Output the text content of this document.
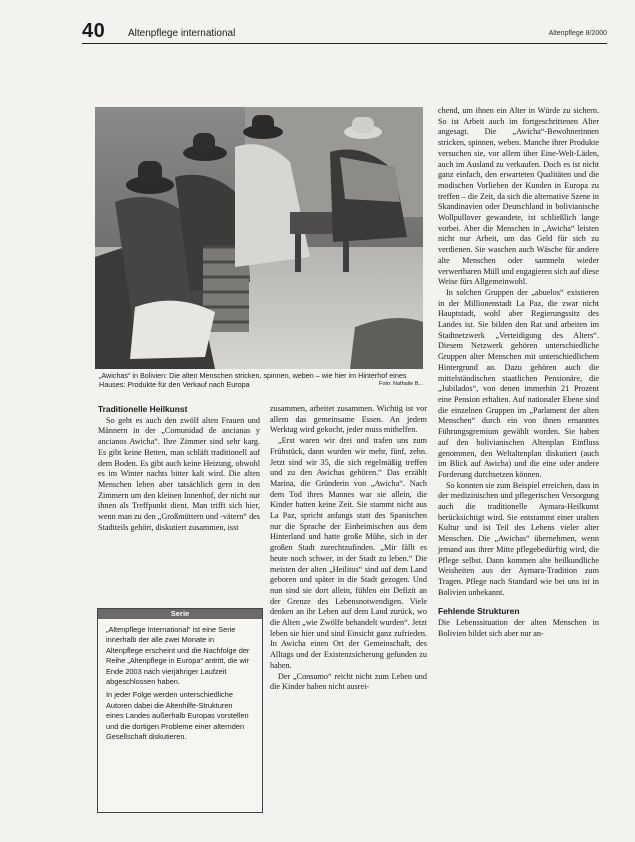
40 Altenpflege international	Altenpflege 8/2000
„Awichas“ in Bolivien: Die alten Menschen stricken, spinnen, weben – wie hier im Hinterhof eines Hauses: Produkte für den Verkauf nach Europa	Foto: Nathalie B...
Traditionelle Heilkunst

So geht es auch den zwölf alten Frauen und Männern in der „Comunidad de ancianas y ancianos Awicha“. Ihre Zimmer sind sehr karg. Es gibt keine Betten, man schläft traditionell auf dem Boden. Es gibt auch keine Heizung, obwohl es im Winter nachts bitter kalt wird. Die alten Menschen leben aber tatsächlich gern in den Zimmern um den kleinen Innenhof, der nicht nur ihnen als Treffpunkt dient. Man trifft sich hier, wenn man zu den „Großmüttern und -vätern“ des Stadtteils gehört, diskutiert zusammen, isst

Serie

„Altenpflege International“ ist eine Serie innerhalb der alle zwei Monate in Altenpflege erscheint und die Nachfolge der Reihe „Altenpflege in Europa“ antritt, die wir Ende 2003 nach vierjähriger Laufzeit abgeschlossen haben.

In jeder Folge werden unterschiedliche Autoren dabei die Altenhilfe-Strukturen eines Landes außerhalb Europas vorstellen und die dortigen Probleme einer alternden Gesellschaft diskutieren.

zusammen, arbeitet zusammen. Wichtig ist vor allem das gemeinsame Essen. An jedem Werktag wird gekocht, jeder muss mithelfen.

„Erst waren wir drei und trafen uns zum Frühstück, dann wurden wir mehr, fünf, zehn. Jetzt sind wir 35, die sich regelmäßig treffen und zu den Awichas gehören.“ Das erzählt Marina, die Gründerin von „Awicha“. Nach dem Tod ihres Mannes war sie allein, die Kinder hatten keine Zeit. Sie stammt nicht aus La Paz, spricht anfangs statt des Spanischen nur die Sprache der Einheimischen aus dem Hinterland und hatte große Mühe, sich in der großen Stadt zurechtzufinden. „Mir fällt es heute noch schwer, in der Stadt zu leben.“ Die meisten der alten „Heilitos“ sind auf dem Land geboren und später in die Stadt gezogen. Und nun sind sie dort allein, fühlen ein Defizit an der Grenze des Lebensnotwendigen. Viele denken an ihr Leben auf dem Land zurück, wo die Alten „wie Zwölfe behandelt wurden“. Jetzt leben sie hier und sind Einsicht ganz zufrieden. In Awicha einen Ort der Gemeinschaft, des Alltags und der Existenzsicherung gefunden zu haben.

Der „Consumo“ reicht nicht zum Leben und die Kinder haben nicht ausrei-

chend, um ihnen ein Alter in Würde zu sichern. So ist Arbeit auch im fortgeschrittenen Alter angesagt. Die „Awicha“-Bewohnerinnen stricken, spinnen, weben. Manche ihrer Produkte versuchen sie, vor allem über Eine-Welt-Läden, auch im Ausland zu verkaufen. Doch es ist nicht ganz einfach, den erwarteten Qualitäten und die modischen Vorlieben der Kunden in Europa zu treffen – die Zeit, da sich die alternative Szene in Skandinavien oder Deutschland in bolivianische Wollpullover gewandete, ist schließlich lange vorbei. Aber die Menschen in „Awicha“ leisten nicht nur Arbeit, um das Geld für sich zu verdienen. Sie waschen auch Wäsche für andere alte Menschen oder sammeln wieder verwertbaren Müll und engagieren sich auf diese Weise fürs Allgemeinwohl.

In solchen Gruppen der „abuelos“ existieren in der Millionenstadt La Paz, die zwar nicht Hauptstadt, wohl aber Regierungssitz des Landes ist. Sie bilden den Rat und arbeiten im Stadtnetzwerk „Verteidigung des Alters“. Diesem Netzwerk gehören unterschiedliche Gruppen alter Menschen mit unterschiedlichem Hintergrund an. Dazu gehören auch die mittelständischen staatlichen Pensionäre, die „Jubilados“, von denen immerhin 21 Prozent eine Pension erhalten. Auf nationaler Ebene sind die einzelnen Gruppen im „Parlament der alten Menschen“ durch ein von ihnen ernanntes Führungsgremium gewählt worden. Sie haben auf den bolivianischen Altenplan Einfluss genommen, den Weltaltenplan diskutiert (auch im Blick auf Awicha) und die eine oder andere Forderung durchsetzen können.

So konnten sie zum Beispiel erreichen, dass in der medizinischen und pflegerischen Versorgung auch die traditionelle Aymara-Heilkunst berücksichtigt wird. Sie entstammt einer uralten Kultur und ist Teil des Lebens vieler alter Menschen. Die „Awichas“ übernehmen, wenn jemand aus ihrer Mitte pflegebedürftig wird, die Pflege selbst. Dann kommen alte heilkundliche Weisheiten aus der Aymara-Tradition zum Tragen. Pflege nach Standard wie bei uns ist in Bolivien unbekannt.

Fehlende Strukturen

Die Lebenssituation der alten Menschen in Bolivien bildet sich aber nur an-
